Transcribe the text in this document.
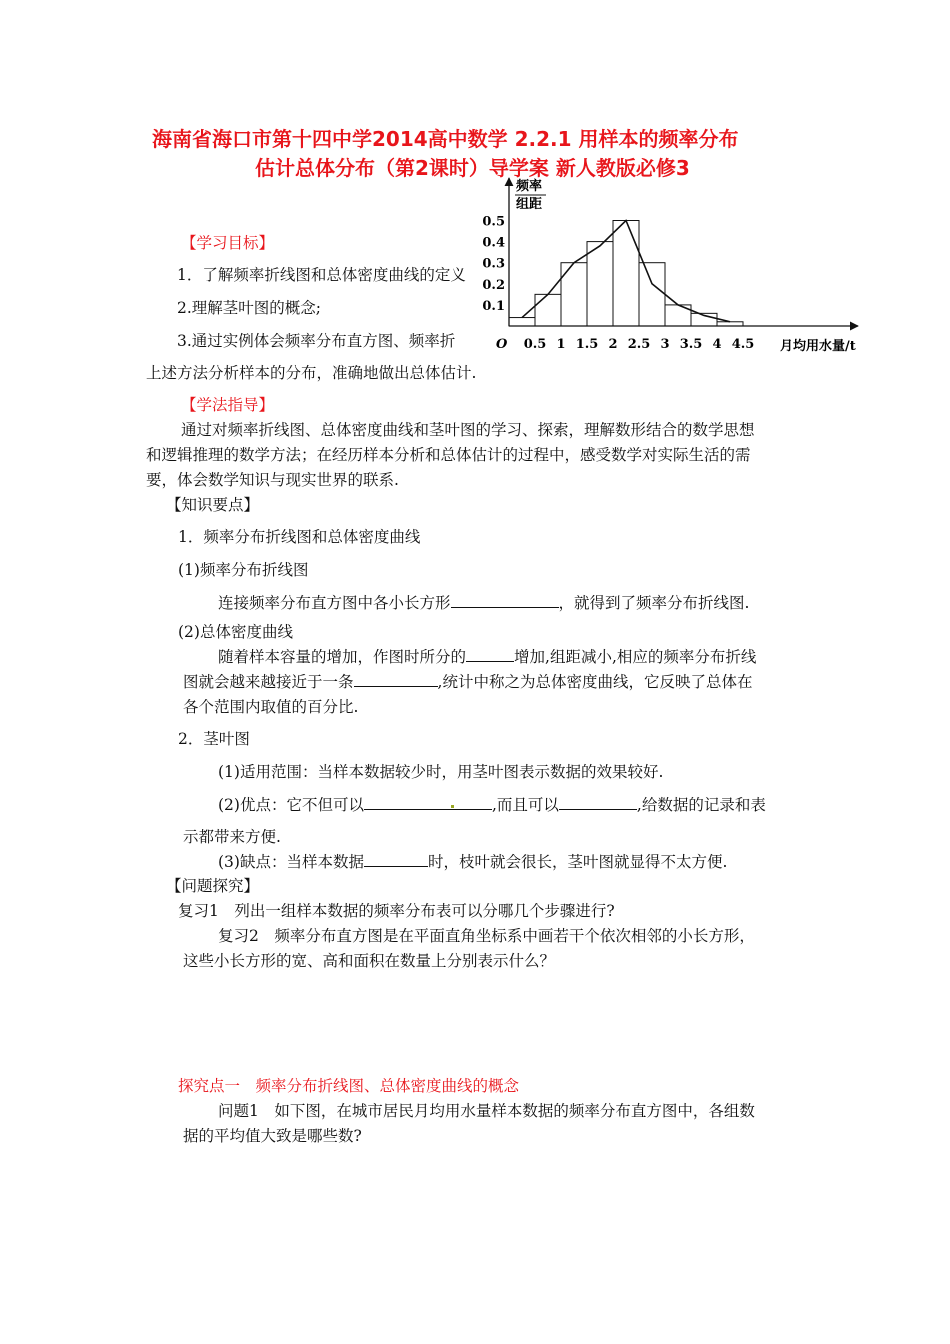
海南省海口市第十四中学2014高中数学 2.2.1 用样本的频率分布
估计总体分布（第2课时）导学案 新人教版必修3
【学习目标】
1．了解频率折线图和总体密度曲线的定义
2.理解茎叶图的概念;
3.通过实例体会频率分布直方图、频率折
上述方法分析样本的分布，准确地做出总体估计.
【学法指导】
通过对频率折线图、总体密度曲线和茎叶图的学习、探索，理解数形结合的数学思想
和逻辑推理的数学方法；在经历样本分析和总体估计的过程中，感受数学对实际生活的需
要，体会数学知识与现实世界的联系.
【知识要点】
1．频率分布折线图和总体密度曲线
(1)频率分布折线图
连接频率分布直方图中各小长方形	，就得到了频率分布折线图.
(2)总体密度曲线
随着样本容量的增加，作图时所分的	增加,组距减小,相应的频率分布折线
图就会越来越接近于一条	,统计中称之为总体密度曲线，它反映了总体在
各个范围内取值的百分比.
2．茎叶图
(1)适用范围：当样本数据较少时，用茎叶图表示数据的效果较好.
(2)优点：它不但可以	,而且可以	,给数据的记录和表
示都带来方便.
(3)缺点：当样本数据	时，枝叶就会很长，茎叶图就显得不太方便.
【问题探究】
复习1　列出一组样本数据的频率分布表可以分哪几个步骤进行?
复习2　频率分布直方图是在平面直角坐标系中画若干个依次相邻的小长方形，
这些小长方形的宽、高和面积在数量上分别表示什么？
探究点一　频率分布折线图、总体密度曲线的概念
问题1　如下图，在城市居民月均用水量样本数据的频率分布直方图中，各组数
据的平均值大致是哪些数?
0.5 1 1.5 2 2.5 3 3.5 4 4.5
0.1
0.2
0.3
0.4
0.5
频率
组距
O	月均用水量/t
